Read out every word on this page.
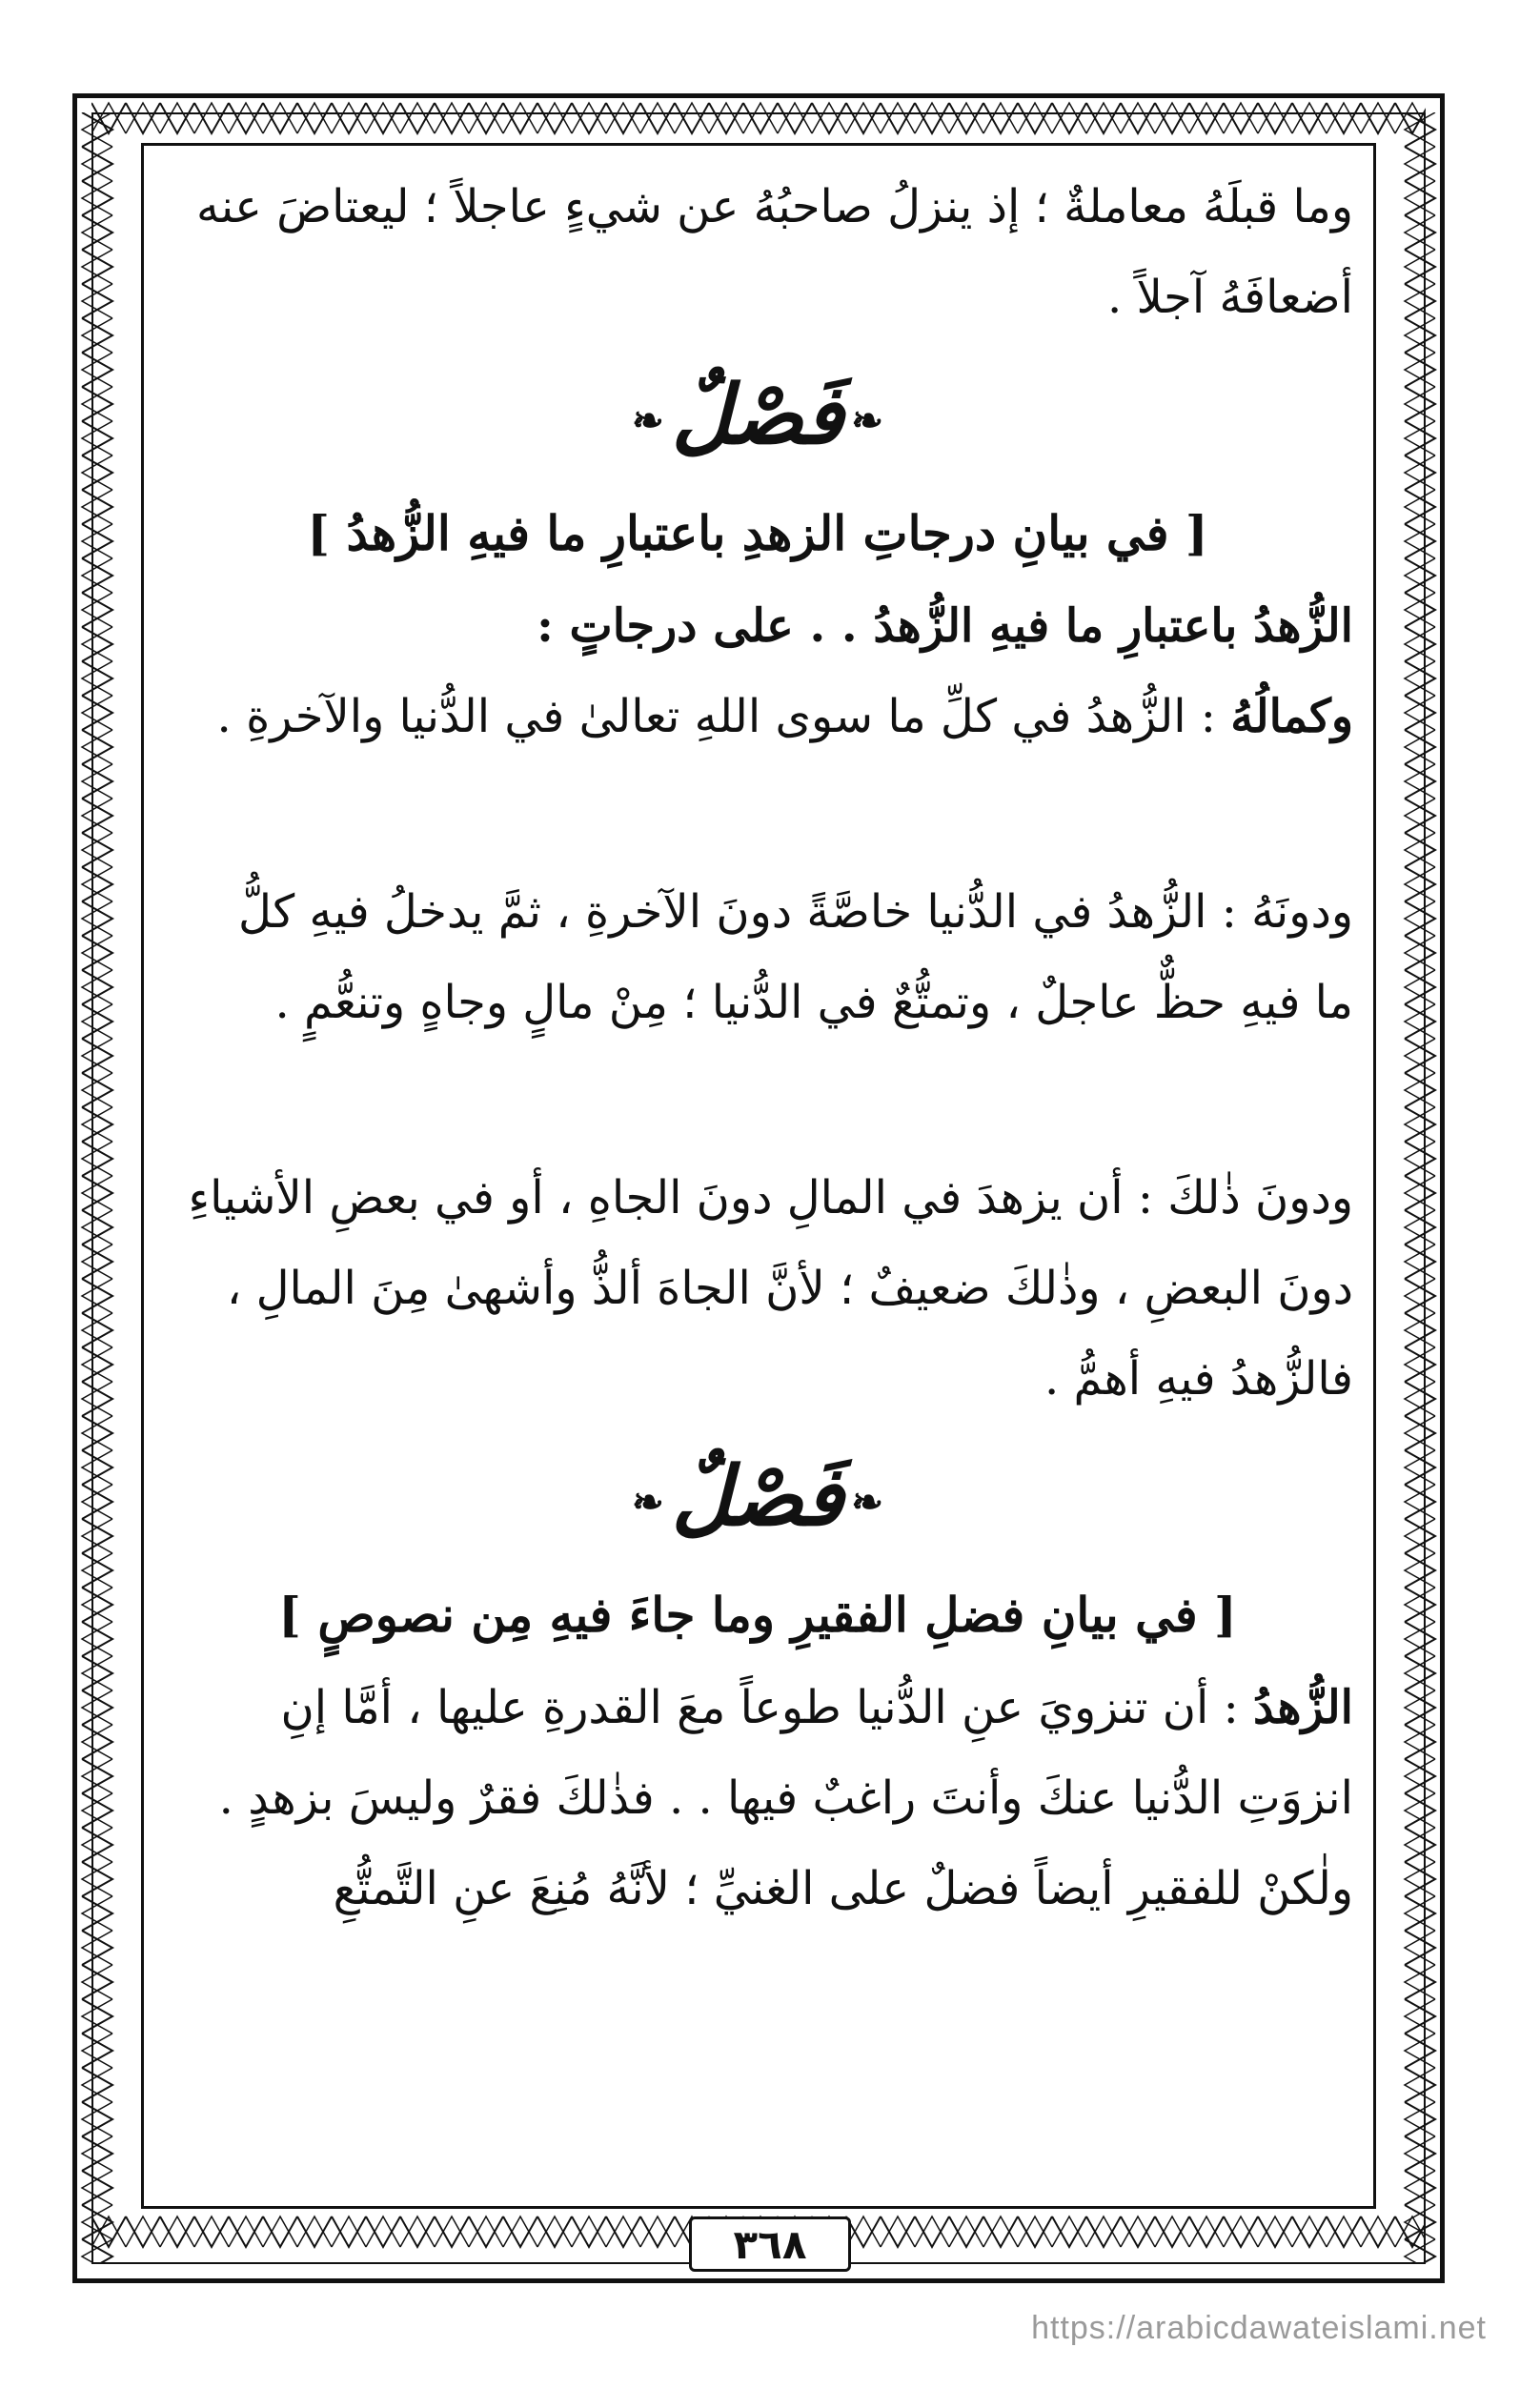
وما قبلَهُ معاملةٌ ؛ إذ ينزلُ صاحبُهُ عن شيءٍ عاجلاً ؛ ليعتاضَ عنه

أضعافَهُ آجلاً .

❧ فَصْلٌ ❧

[ في بيانِ درجاتِ الزهدِ باعتبارِ ما فيهِ الزُّهدُ ]

الزُّهدُ باعتبارِ ما فيهِ الزُّهدُ . . على درجاتٍ :

وكمالُهُ : الزُّهدُ في كلِّ ما سوى اللهِ تعالىٰ في الدُّنيا والآخرةِ .

ودونَهُ : الزُّهدُ في الدُّنيا خاصَّةً دونَ الآخرةِ ، ثمَّ يدخلُ فيهِ كلُّ

ما فيهِ حظٌّ عاجلٌ ، وتمتُّعٌ في الدُّنيا ؛ مِنْ مالٍ وجاهٍ وتنعُّمٍ .

ودونَ ذٰلكَ : أن يزهدَ في المالِ دونَ الجاهِ ، أو في بعضِ الأشياءِ

دونَ البعضِ ، وذٰلكَ ضعيفٌ ؛ لأنَّ الجاهَ ألذُّ وأشهىٰ مِنَ المالِ ،

فالزُّهدُ فيهِ أهمُّ .

❧ فَصْلٌ ❧

[ في بيانِ فضلِ الفقيرِ وما جاءَ فيهِ مِن نصوصٍ ]

الزُّهدُ : أن تنزويَ عنِ الدُّنيا طوعاً معَ القدرةِ عليها ، أمَّا إنِ

انزوَتِ الدُّنيا عنكَ وأنتَ راغبٌ فيها . . فذٰلكَ فقرٌ وليسَ بزهدٍ .

ولٰكنْ للفقيرِ أيضاً فضلٌ على الغنيِّ ؛ لأنَّهُ مُنِعَ عنِ التَّمتُّعِ

٣٦٨
https://arabicdawateislami.net
